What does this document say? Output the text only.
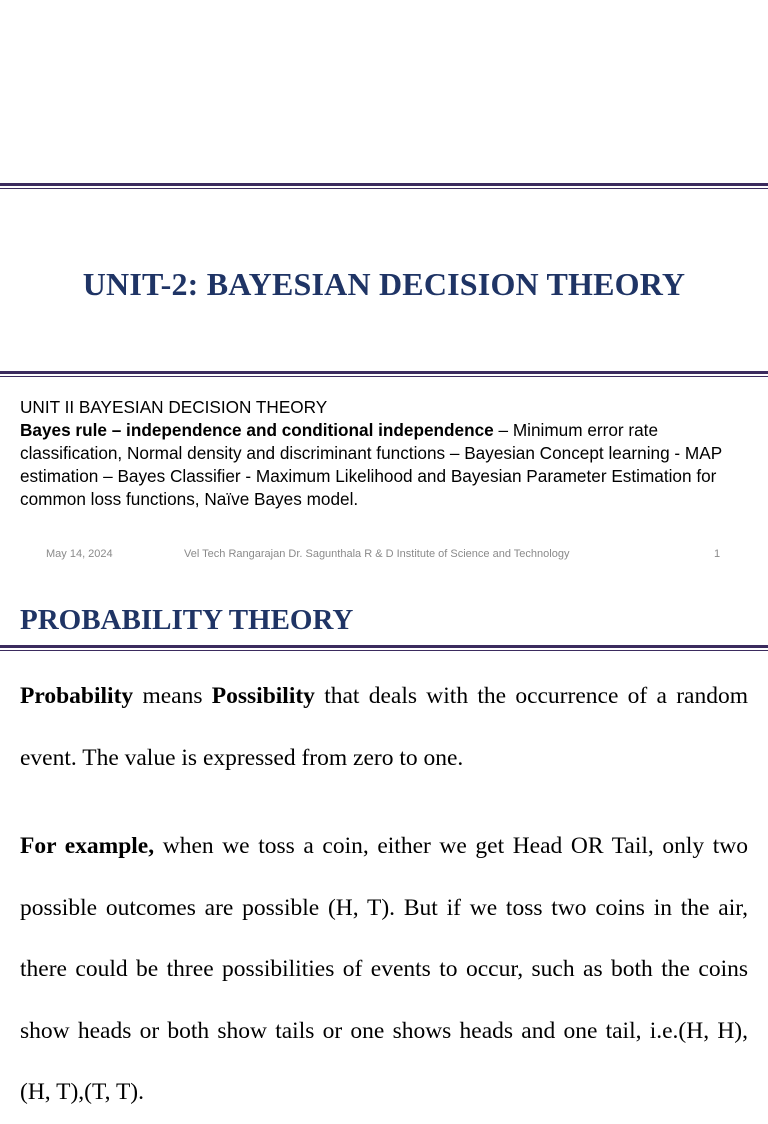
UNIT-2: BAYESIAN DECISION THEORY
UNIT II BAYESIAN DECISION THEORY
Bayes rule – independence and conditional independence – Minimum error rate classification, Normal density and discriminant functions – Bayesian Concept learning - MAP estimation – Bayes Classifier - Maximum Likelihood and Bayesian Parameter Estimation for common loss functions, Naïve Bayes model.
May 14, 2024	Vel Tech Rangarajan Dr. Sagunthala R & D Institute of Science and Technology	1
PROBABILITY THEORY

Probability means Possibility that deals with the occurrence of a random event. The value is expressed from zero to one.

For example, when we toss a coin, either we get Head OR Tail, only two possible outcomes are possible (H, T). But if we toss two coins in the air, there could be three possibilities of events to occur, such as both the coins show heads or both show tails or one shows heads and one tail, i.e.(H, H), (H, T),(T, T).
